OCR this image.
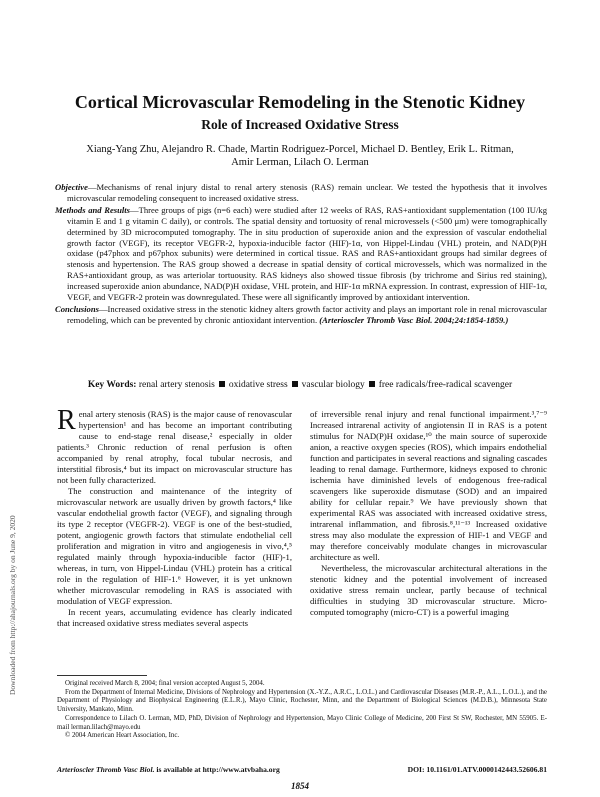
Cortical Microvascular Remodeling in the Stenotic Kidney
Role of Increased Oxidative Stress
Xiang-Yang Zhu, Alejandro R. Chade, Martin Rodriguez-Porcel, Michael D. Bentley, Erik L. Ritman,
Amir Lerman, Lilach O. Lerman

Objective—Mechanisms of renal injury distal to renal artery stenosis (RAS) remain unclear. We tested the hypothesis that it involves microvascular remodeling consequent to increased oxidative stress.

Methods and Results—Three groups of pigs (n=6 each) were studied after 12 weeks of RAS, RAS+antioxidant supplementation (100 IU/kg vitamin E and 1 g vitamin C daily), or controls. The spatial density and tortuosity of renal microvessels (<500 μm) were tomographically determined by 3D microcomputed tomography. The in situ production of superoxide anion and the expression of vascular endothelial growth factor (VEGF), its receptor VEGFR-2, hypoxia-inducible factor (HIF)-1α, von Hippel-Lindau (VHL) protein, and NAD(P)H oxidase (p47phox and p67phox subunits) were determined in cortical tissue. RAS and RAS+antioxidant groups had similar degrees of stenosis and hypertension. The RAS group showed a decrease in spatial density of cortical microvessels, which was normalized in the RAS+antioxidant group, as was arteriolar tortuousity. RAS kidneys also showed tissue fibrosis (by trichrome and Sirius red staining), increased superoxide anion abundance, NAD(P)H oxidase, VHL protein, and HIF-1α mRNA expression. In contrast, expression of HIF-1α, VEGF, and VEGFR-2 protein was downregulated. These were all significantly improved by antioxidant intervention.

Conclusions—Increased oxidative stress in the stenotic kidney alters growth factor activity and plays an important role in renal microvascular remodeling, which can be prevented by chronic antioxidant intervention. (Arterioscler Thromb Vasc Biol. 2004;24:1854-1859.)

Key Words: renal artery stenosis oxidative stress vascular biology free radicals/free-radical scavenger
Downloaded from http://ahajournals.org by on June 9, 2020

Renal artery stenosis (RAS) is the major cause of renovascular hypertension¹ and has become an important contributing cause to end-stage renal disease,² especially in older patients.³ Chronic reduction of renal perfusion is often accompanied by renal atrophy, focal tubular necrosis, and interstitial fibrosis,⁴ but its impact on microvascular structure has not been fully characterized.

The construction and maintenance of the integrity of microvascular network are usually driven by growth factors,⁴ like vascular endothelial growth factor (VEGF), and signaling through its type 2 receptor (VEGFR-2). VEGF is one of the best-studied, potent, angiogenic growth factors that stimulate endothelial cell proliferation and migration in vitro and angiogenesis in vivo,⁴,⁵ regulated mainly through hypoxia-inducible factor (HIF)-1, whereas, in turn, von Hippel-Lindau (VHL) protein has a critical role in the regulation of HIF-1.⁶ However, it is yet unknown whether microvascular remodeling in RAS is associated with modulation of VEGF expression.

In recent years, accumulating evidence has clearly indicated that increased oxidative stress mediates several aspects

of irreversible renal injury and renal functional impairment.³,⁷⁻⁹ Increased intrarenal activity of angiotensin II in RAS is a potent stimulus for NAD(P)H oxidase,¹⁰ the main source of superoxide anion, a reactive oxygen species (ROS), which impairs endothelial function and participates in several reactions and signaling cascades leading to renal damage. Furthermore, kidneys exposed to chronic ischemia have diminished levels of endogenous free-radical scavengers like superoxide dismutase (SOD) and an impaired ability for cellular repair.⁹ We have previously shown that experimental RAS was associated with increased oxidative stress, intrarenal inflammation, and fibrosis.⁸,¹¹⁻¹³ Increased oxidative stress may also modulate the expression of HIF-1 and VEGF and may therefore conceivably modulate changes in microvascular architecture as well.

Nevertheless, the microvascular architectural alterations in the stenotic kidney and the potential involvement of increased oxidative stress remain unclear, partly because of technical difficulties in studying 3D microvascular structure. Micro-computed tomography (micro-CT) is a powerful imaging

Original received March 8, 2004; final version accepted August 5, 2004.

From the Department of Internal Medicine, Divisions of Nephrology and Hypertension (X.-Y.Z., A.R.C., L.O.L.) and Cardiovascular Diseases (M.R.-P., A.L., L.O.L.), and the Department of Physiology and Biophysical Engineering (E.L.R.), Mayo Clinic, Rochester, Minn, and the Department of Biological Sciences (M.D.B.), Minnesota State University, Mankato, Minn.

Correspondence to Lilach O. Lerman, MD, PhD, Division of Nephrology and Hypertension, Mayo Clinic College of Medicine, 200 First St SW, Rochester, MN 55905. E-mail lerman.lilach@mayo.edu

© 2004 American Heart Association, Inc.

Arterioscler Thromb Vasc Biol. is available at http://www.atvbaha.org	DOI: 10.1161/01.ATV.0000142443.52606.81
1854
